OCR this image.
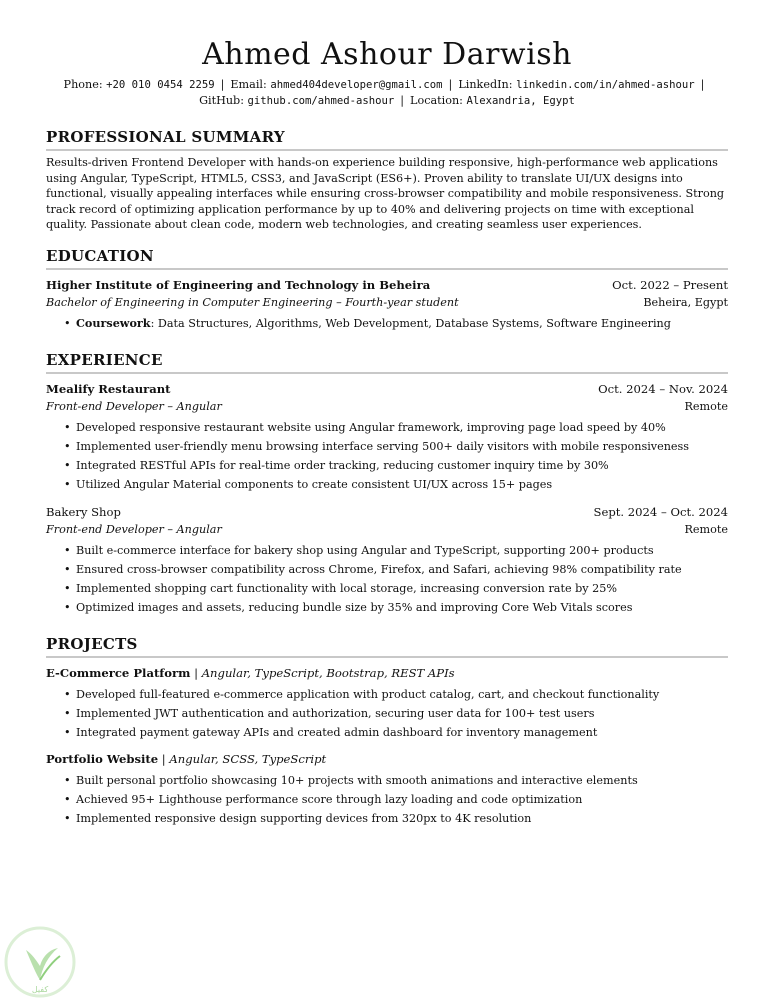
Ahmed Ashour Darwish
Phone: +20 010 0454 2259 | Email: ahmed404developer@gmail.com | LinkedIn: linkedin.com/in/ahmed-ashour |
GitHub: github.com/ahmed-ashour | Location: Alexandria, Egypt
PROFESSIONAL SUMMARY

Results-driven Frontend Developer with hands-on experience building responsive, high-performance web applications using Angular, TypeScript, HTML5, CSS3, and JavaScript (ES6+). Proven ability to translate UI/UX designs into functional, visually appealing interfaces while ensuring cross-browser compatibility and mobile responsiveness. Strong track record of optimizing application performance by up to 40% and delivering projects on time with exceptional quality. Passionate about clean code, modern web technologies, and creating seamless user experiences.

EDUCATION
Higher Institute of Engineering and Technology in Beheira	Oct. 2022 – Present
Bachelor of Engineering in Computer Engineering – Fourth-year student	Beheira, Egypt
• Coursework: Data Structures, Algorithms, Web Development, Database Systems, Software Engineering
EXPERIENCE
Mealify Restaurant	Oct. 2024 – Nov. 2024
Front-end Developer – Angular	Remote
• Developed responsive restaurant website using Angular framework, improving page load speed by 40%
• Implemented user-friendly menu browsing interface serving 500+ daily visitors with mobile responsiveness
• Integrated RESTful APIs for real-time order tracking, reducing customer inquiry time by 30%
• Utilized Angular Material components to create consistent UI/UX across 15+ pages
Bakery Shop	Sept. 2024 – Oct. 2024
Front-end Developer – Angular	Remote
• Built e-commerce interface for bakery shop using Angular and TypeScript, supporting 200+ products
• Ensured cross-browser compatibility across Chrome, Firefox, and Safari, achieving 98% compatibility rate
• Implemented shopping cart functionality with local storage, increasing conversion rate by 25%
• Optimized images and assets, reducing bundle size by 35% and improving Core Web Vitals scores
PROJECTS
E-Commerce Platform | Angular, TypeScript, Bootstrap, REST APIs
• Developed full-featured e-commerce application with product catalog, cart, and checkout functionality
• Implemented JWT authentication and authorization, securing user data for 100+ test users
• Integrated payment gateway APIs and created admin dashboard for inventory management
Portfolio Website | Angular, SCSS, TypeScript
• Built personal portfolio showcasing 10+ projects with smooth animations and interactive elements
• Achieved 95+ Lighthouse performance score through lazy loading and code optimization
• Implemented responsive design supporting devices from 320px to 4K resolution
كفيل
